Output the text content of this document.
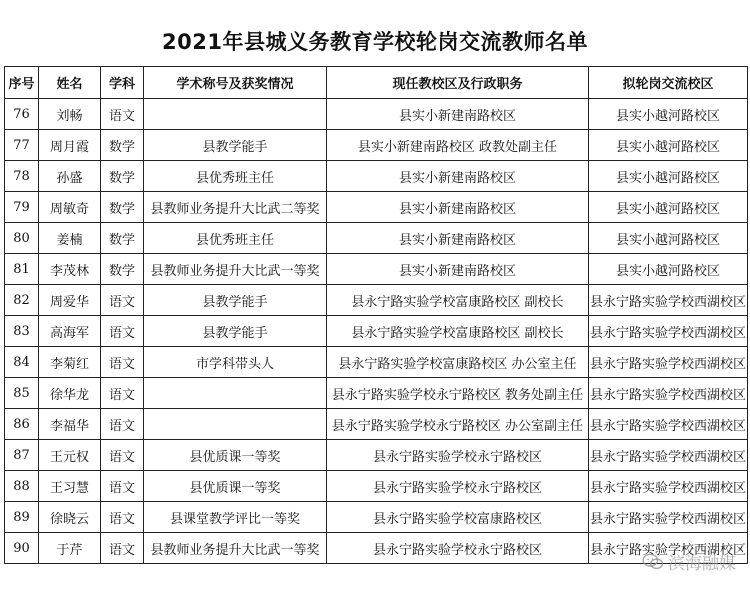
2021年县城义务教育学校轮岗交流教师名单
序号	姓名	学科	学术称号及获奖情况	现任教校区及行政职务	拟轮岗交流校区
76	刘畅	语文		县实小新建南路校区	县实小越河路校区
77	周月霞	数学	县教学能手	县实小新建南路校区 政教处副主任	县实小越河路校区
78	孙盛	数学	县优秀班主任	县实小新建南路校区	县实小越河路校区
79	周敏奇	数学	县教师业务提升大比武二等奖	县实小新建南路校区	县实小越河路校区
80	姜楠	数学	县优秀班主任	县实小新建南路校区	县实小越河路校区
81	李茂林	数学	县教师业务提升大比武一等奖	县实小新建南路校区	县实小越河路校区
82	周爱华	语文	县教学能手	县永宁路实验学校富康路校区 副校长	县永宁路实验学校西湖校区
83	高海军	语文	县教学能手	县永宁路实验学校富康路校区 副校长	县永宁路实验学校西湖校区
84	李菊红	语文	市学科带头人	县永宁路实验学校富康路校区 办公室主任	县永宁路实验学校西湖校区
85	徐华龙	语文		县永宁路实验学校永宁路校区 教务处副主任	县永宁路实验学校西湖校区
86	李福华	语文		县永宁路实验学校永宁路校区 办公室副主任	县永宁路实验学校西湖校区
87	王元权	语文	县优质课一等奖	县永宁路实验学校永宁路校区	县永宁路实验学校西湖校区
88	王习慧	语文	县优质课一等奖	县永宁路实验学校永宁路校区	县永宁路实验学校西湖校区
89	徐晓云	语文	县课堂教学评比一等奖	县永宁路实验学校富康路校区	县永宁路实验学校西湖校区
90	于芹	语文	县教师业务提升大比武一等奖	县永宁路实验学校永宁路校区	县永宁路实验学校西湖校区
滨海融媒
